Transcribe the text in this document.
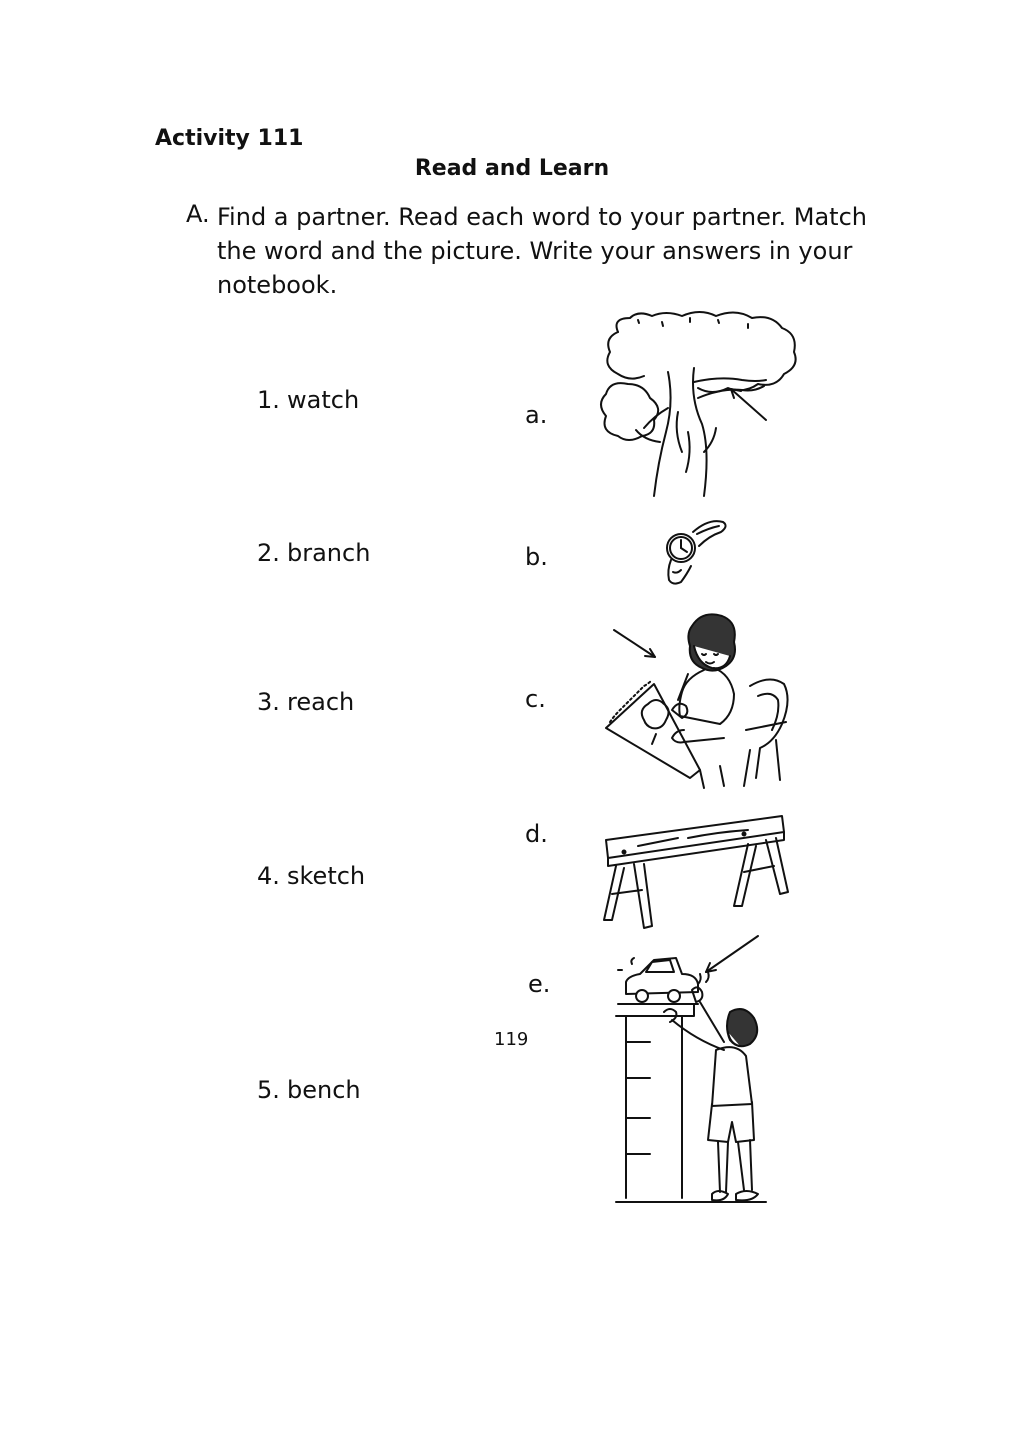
Activity 111
Read and Learn
A. Find a partner. Read each word to your partner. Match the word and the picture. Write your answers in your notebook.
1. watch
2. branch
3. reach
4. sketch
5. bench
a.
b.
c.
d.
e.
119
